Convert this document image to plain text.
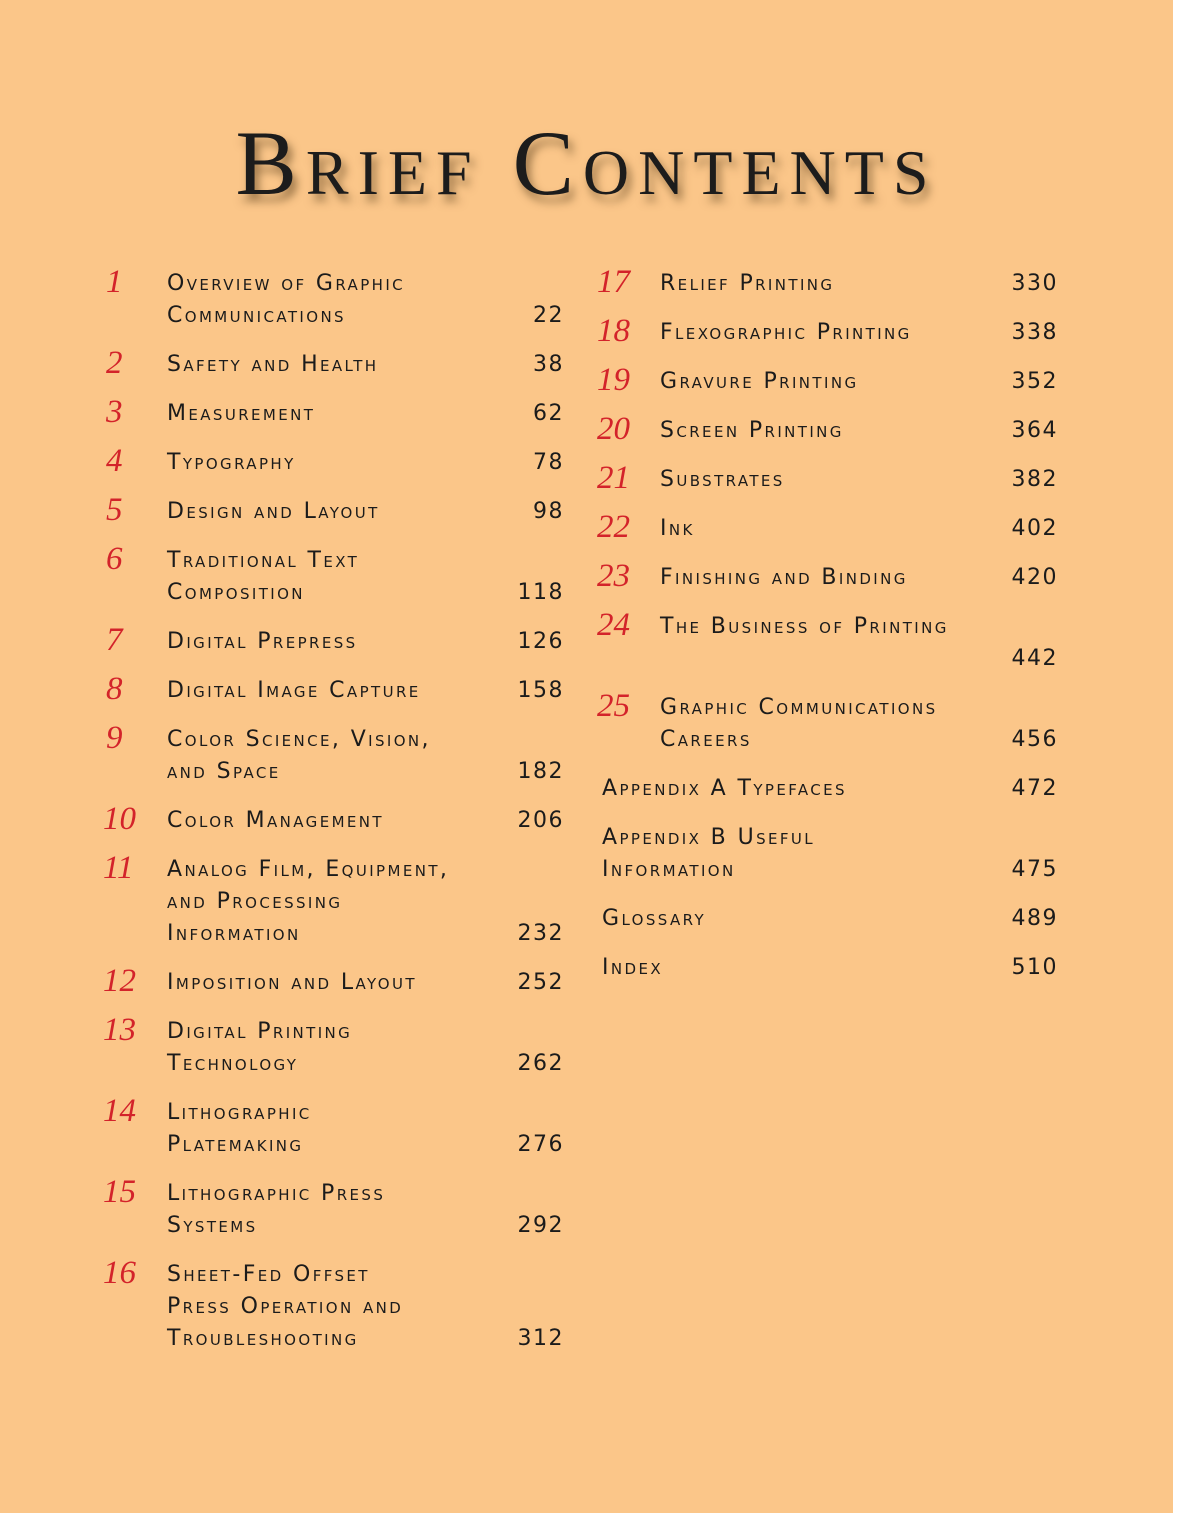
Brief Contents
1 Overview of Graphic
Communications	22
2 Safety and Health	38
3 Measurement	62
4 Typography	78
5 Design and Layout	98
6 Traditional Text
Composition	118
7 Digital Prepress	126
8 Digital Image Capture	158
9 Color Science, Vision,
and Space	182
10 Color Management	206
11 Analog Film, Equipment,
and Processing
Information	232
12 Imposition and Layout	252
13 Digital Printing
Technology	262
14 Lithographic
Platemaking	276
15 Lithographic Press
Systems	292
16 Sheet-Fed Offset
Press Operation and
Troubleshooting	312
17 Relief Printing	330
18 Flexographic Printing	338
19 Gravure Printing	352
20 Screen Printing	364
21 Substrates	382
22 Ink	402
23 Finishing and Binding	420
24 The Business of Printing
442
25 Graphic Communications
Careers	456
Appendix A Typefaces	472
Appendix B Useful
Information	475
Glossary	489
Index	510
